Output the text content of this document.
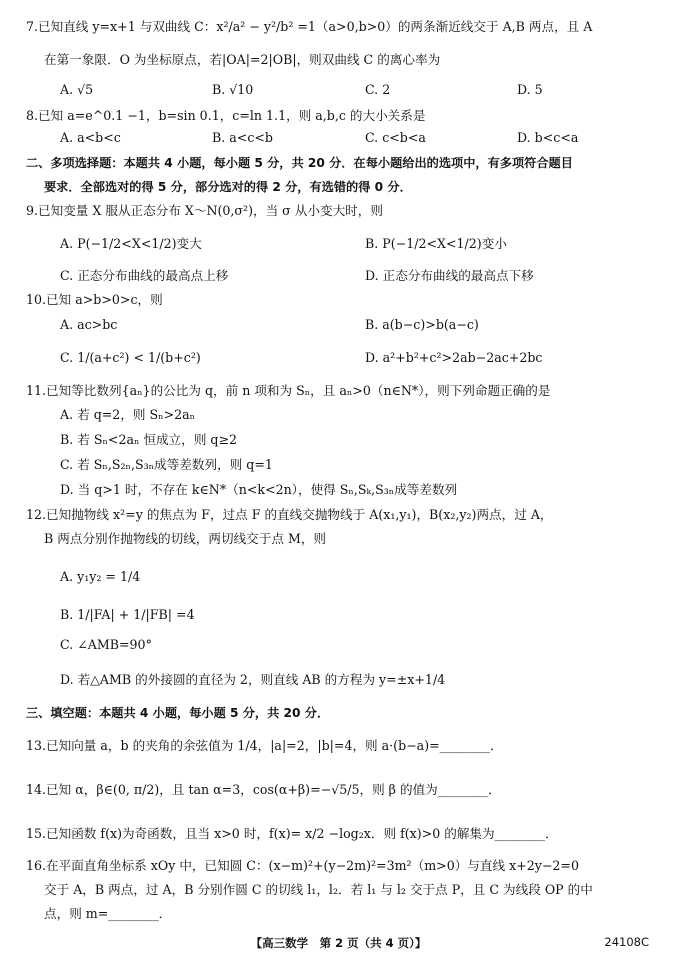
7.已知直线 y=x+1 与双曲线 C：x²/a² − y²/b² =1（a>0,b>0）的两条渐近线交于 A,B 两点，且 A
在第一象限．O 为坐标原点，若|OA|=2|OB|，则双曲线 C 的离心率为
A. √5	B. √10	C. 2	D. 5
8.已知 a=e^0.1 −1，b=sin 0.1，c=ln 1.1，则 a,b,c 的大小关系是
A. a<b<c	B. a<c<b	C. c<b<a	D. b<c<a
二、多项选择题：本题共 4 小题，每小题 5 分，共 20 分．在每小题给出的选项中，有多项符合题目
要求．全部选对的得 5 分，部分选对的得 2 分，有选错的得 0 分．
9.已知变量 X 服从正态分布 X～N(0,σ²)，当 σ 从小变大时，则
A. P(−1/2<X<1/2)变大	B. P(−1/2<X<1/2)变小
C. 正态分布曲线的最高点上移	D. 正态分布曲线的最高点下移
10.已知 a>b>0>c，则
A. ac>bc	B. a(b−c)>b(a−c)
C. 1/(a+c²) < 1/(b+c²)	D. a²+b²+c²>2ab−2ac+2bc
11.已知等比数列{aₙ}的公比为 q，前 n 项和为 Sₙ，且 aₙ>0（n∈N*），则下列命题正确的是
A. 若 q=2，则 Sₙ>2aₙ
B. 若 Sₙ<2aₙ 恒成立，则 q≥2
C. 若 Sₙ,S₂ₙ,S₃ₙ成等差数列，则 q=1
D. 当 q>1 时，不存在 k∈N*（n<k<2n），使得 Sₙ,Sₖ,S₃ₙ成等差数列
12.已知抛物线 x²=y 的焦点为 F，过点 F 的直线交抛物线于 A(x₁,y₁)，B(x₂,y₂)两点，过 A，
B 两点分别作抛物线的切线，两切线交于点 M，则
A. y₁y₂ = 1/4
B. 1/|FA| + 1/|FB| =4
C. ∠AMB=90°
D. 若△AMB 的外接圆的直径为 2，则直线 AB 的方程为 y=±x+1/4
三、填空题：本题共 4 小题，每小题 5 分，共 20 分．
13.已知向量 a，b 的夹角的余弦值为 1/4，|a|=2，|b|=4，则 a·(b−a)=________．
14.已知 α，β∈(0, π/2)，且 tan α=3，cos(α+β)=−√5/5，则 β 的值为________．
15.已知函数 f(x)为奇函数，且当 x>0 时，f(x)= x/2 −log₂x．则 f(x)>0 的解集为________．
16.在平面直角坐标系 xOy 中，已知圆 C：(x−m)²+(y−2m)²=3m²（m>0）与直线 x+2y−2=0
交于 A，B 两点，过 A，B 分别作圆 C 的切线 l₁，l₂．若 l₁ 与 l₂ 交于点 P，且 C 为线段 OP 的中
点，则 m=________．
【高三数学　第 2 页（共 4 页）】	24108C
